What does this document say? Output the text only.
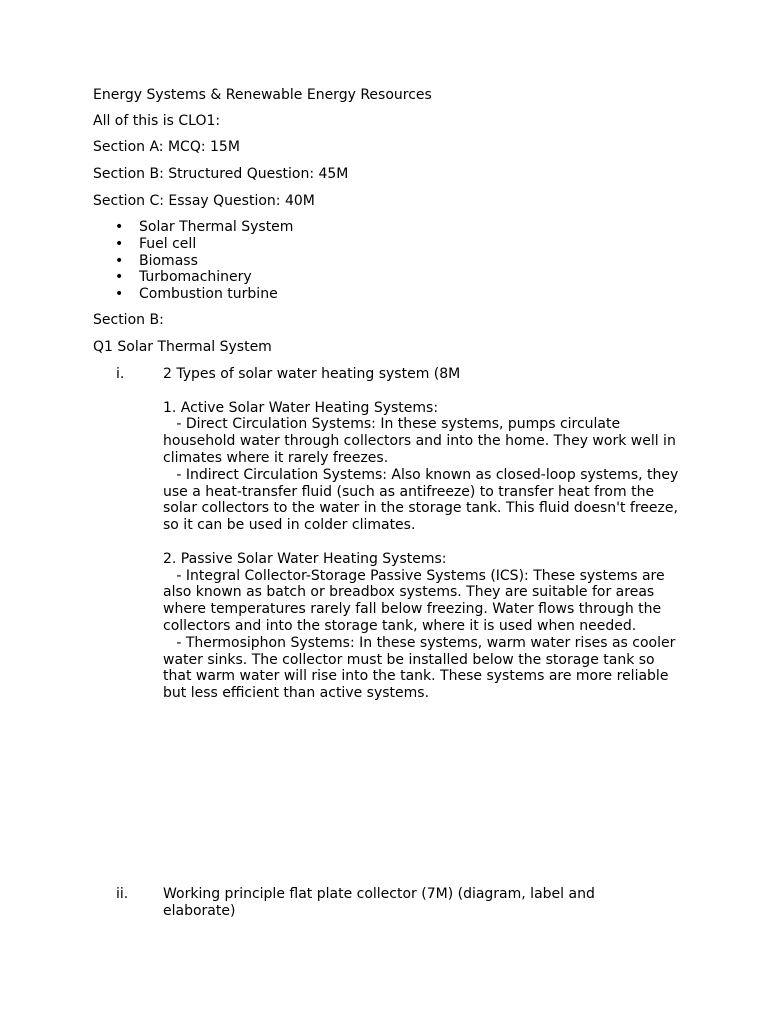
Energy Systems & Renewable Energy Resources

All of this is CLO1:

Section A: MCQ: 15M

Section B: Structured Question: 45M

Section C: Essay Question: 40M

• Solar Thermal System
• Fuel cell
• Biomass
• Turbomachinery
• Combustion turbine

Section B:

Q1 Solar Thermal System

i.	2 Types of solar water heating system (8M

1. Active Solar Water Heating Systems:

- Direct Circulation Systems: In these systems, pumps circulate household water through collectors and into the home. They work well in climates where it rarely freezes.

- Indirect Circulation Systems: Also known as closed-loop systems, they use a heat-transfer fluid (such as antifreeze) to transfer heat from the solar collectors to the water in the storage tank. This fluid doesn't freeze, so it can be used in colder climates.

2. Passive Solar Water Heating Systems:

- Integral Collector-Storage Passive Systems (ICS): These systems are also known as batch or breadbox systems. They are suitable for areas where temperatures rarely fall below freezing. Water flows through the collectors and into the storage tank, where it is used when needed.

- Thermosiphon Systems: In these systems, warm water rises as cooler water sinks. The collector must be installed below the storage tank so that warm water will rise into the tank. These systems are more reliable but less efficient than active systems.

ii. Working principle flat plate collector (7M) (diagram, label and elaborate)
